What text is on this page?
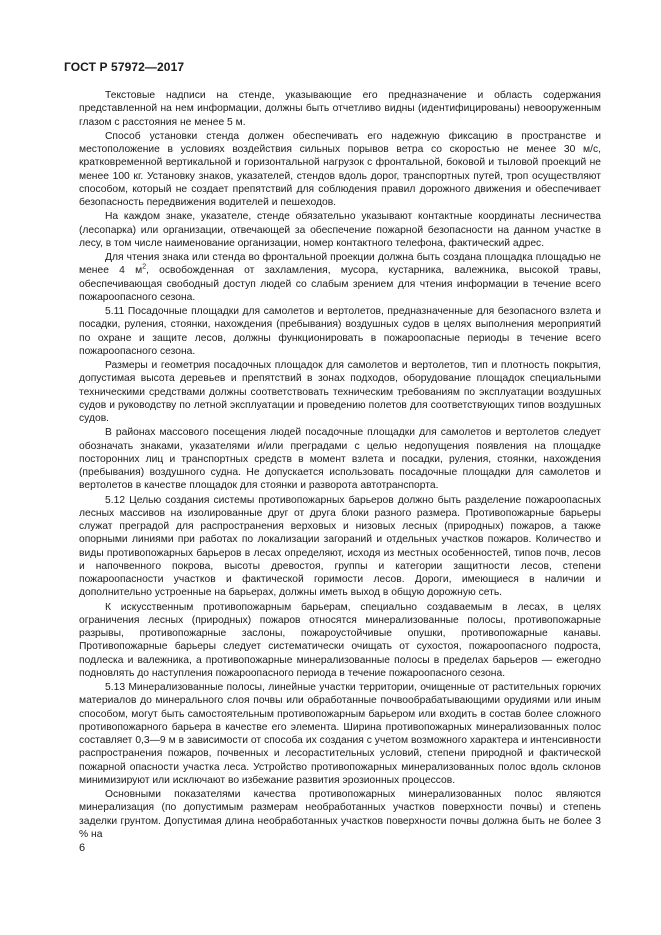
ГОСТ Р 57972—2017

Текстовые надписи на стенде, указывающие его предназначение и область содержания представленной на нем информации, должны быть отчетливо видны (идентифицированы) невооруженным глазом с расстояния не менее 5 м.

Способ установки стенда должен обеспечивать его надежную фиксацию в пространстве и местоположение в условиях воздействия сильных порывов ветра со скоростью не менее 30 м/с, кратковременной вертикальной и горизонтальной нагрузок с фронтальной, боковой и тыловой проекций не менее 100 кг. Установку знаков, указателей, стендов вдоль дорог, транспортных путей, троп осуществляют способом, который не создает препятствий для соблюдения правил дорожного движения и обеспечивает безопасность передвижения водителей и пешеходов.

На каждом знаке, указателе, стенде обязательно указывают контактные координаты лесничества (лесопарка) или организации, отвечающей за обеспечение пожарной безопасности на данном участке в лесу, в том числе наименование организации, номер контактного телефона, фактический адрес.

Для чтения знака или стенда во фронтальной проекции должна быть создана площадка площадью не менее 4 $м^2$, освобожденная от захламления, мусора, кустарника, валежника, высокой травы, обеспечивающая свободный доступ людей со слабым зрением для чтения информации в течение всего пожароопасного сезона.

5.11 Посадочные площадки для самолетов и вертолетов, предназначенные для безопасного взлета и посадки, руления, стоянки, нахождения (пребывания) воздушных судов в целях выполнения мероприятий по охране и защите лесов, должны функционировать в пожароопасные периоды в течение всего пожароопасного сезона.

Размеры и геометрия посадочных площадок для самолетов и вертолетов, тип и плотность покрытия, допустимая высота деревьев и препятствий в зонах подходов, оборудование площадок специальными техническими средствами должны соответствовать техническим требованиям по эксплуатации воздушных судов и руководству по летной эксплуатации и проведению полетов для соответствующих типов воздушных судов.

В районах массового посещения людей посадочные площадки для самолетов и вертолетов следует обозначать знаками, указателями и/или преградами с целью недопущения появления на площадке посторонних лиц и транспортных средств в момент взлета и посадки, руления, стоянки, нахождения (пребывания) воздушного судна. Не допускается использовать посадочные площадки для самолетов и вертолетов в качестве площадок для стоянки и разворота автотранспорта.

5.12 Целью создания системы противопожарных барьеров должно быть разделение пожароопасных лесных массивов на изолированные друг от друга блоки разного размера. Противопожарные барьеры служат преградой для распространения верховых и низовых лесных (природных) пожаров, а также опорными линиями при работах по локализации загораний и отдельных участков пожаров. Количество и виды противопожарных барьеров в лесах определяют, исходя из местных особенностей, типов почв, лесов и напочвенного покрова, высоты древостоя, группы и категории защитности лесов, степени пожароопасности участков и фактической горимости лесов. Дороги, имеющиеся в наличии и дополнительно устроенные на барьерах, должны иметь выход в общую дорожную сеть.

К искусственным противопожарным барьерам, специально создаваемым в лесах, в целях ограничения лесных (природных) пожаров относятся минерализованные полосы, противопожарные разрывы, противопожарные заслоны, пожароустойчивые опушки, противопожарные канавы. Противопожарные барьеры следует систематически очищать от сухостоя, пожароопасного подроста, подлеска и валежника, а противопожарные минерализованные полосы в пределах барьеров — ежегодно подновлять до наступления пожароопасного периода в течение пожароопасного сезона.

5.13 Минерализованные полосы, линейные участки территории, очищенные от растительных горючих материалов до минерального слоя почвы или обработанные почвообрабатывающими орудиями или иным способом, могут быть самостоятельным противопожарным барьером или входить в состав более сложного противопожарного барьера в качестве его элемента. Ширина противопожарных минерализованных полос составляет 0,3—9 м в зависимости от способа их создания с учетом возможного характера и интенсивности распространения пожаров, почвенных и лесорастительных условий, степени природной и фактической пожарной опасности участка леса. Устройство противопожарных минерализованных полос вдоль склонов минимизируют или исключают во избежание развития эрозионных процессов.

Основными показателями качества противопожарных минерализованных полос являются минерализация (по допустимым размерам необработанных участков поверхности почвы) и степень заделки грунтом. Допустимая длина необработанных участков поверхности почвы должна быть не более 3 % на

6
